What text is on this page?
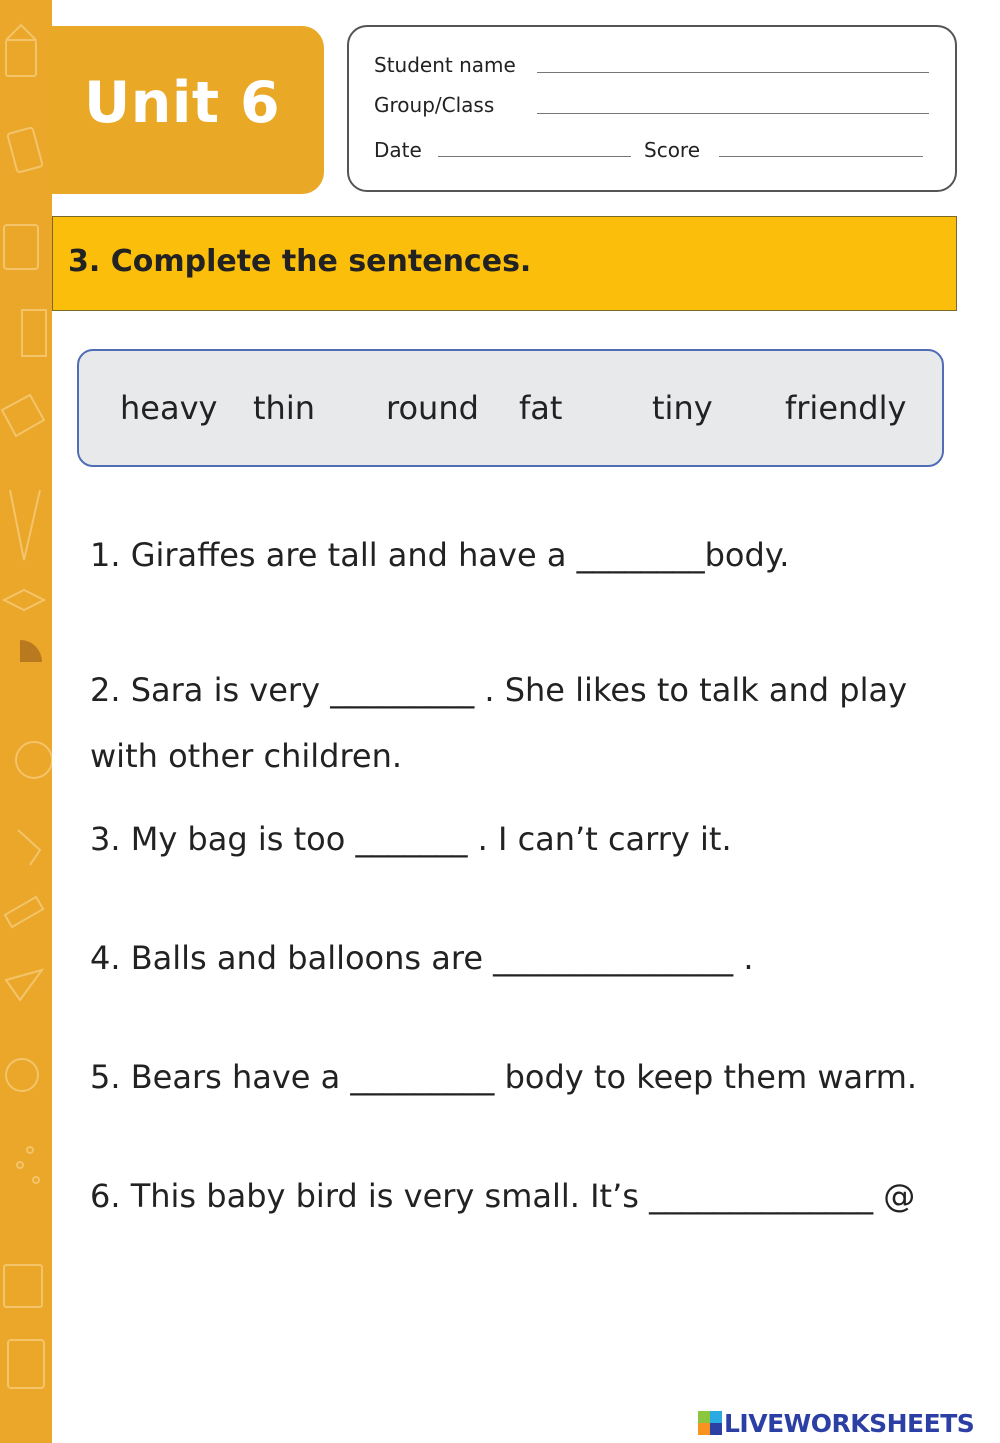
Unit 6
Student name
Group/Class
Date	Score
3. Complete the sentences.
heavy thin round fat	tiny friendly
1. Giraffes are tall and have a ________body.
2. Sara is very _________ . She likes to talk and play
with other children.
3. My bag is too _______ . I can’t carry it.
4. Balls and balloons are _______________ .
5. Bears have a _________ body to keep them warm.
6. This baby bird is very small. It’s ______________ @
LIVEWORKSHEETS
